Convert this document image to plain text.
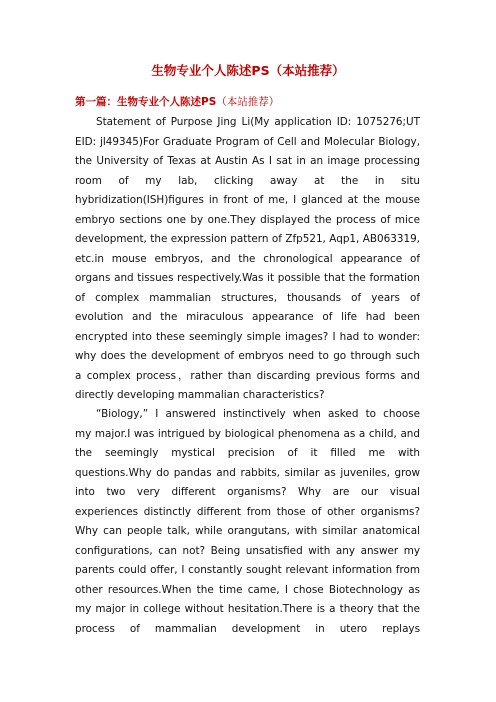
生物专业个人陈述PS（本站推荐）
第一篇：生物专业个人陈述PS（本站推荐）
Statement of Purpose Jing Li(My application ID: 1075276;UT
EID: jl49345)For Graduate Program of Cell and Molecular Biology,
the University of Texas at Austin As I sat in an image processing
room of my lab, clicking away at the in situ
hybridization(ISH)figures in front of me, I glanced at the mouse
embryo sections one by one.They displayed the process of mice
development, the expression pattern of Zfp521, Aqp1, AB063319,
etc.in mouse embryos, and the chronological appearance of
organs and tissues respectively.Was it possible that the formation
of complex mammalian structures, thousands of years of
evolution and the miraculous appearance of life had been
encrypted into these seemingly simple images? I had to wonder:
why does the development of embryos need to go through such
a complex process，rather than discarding previous forms and
directly developing mammalian characteristics?
“Biology,” I answered instinctively when asked to choose
my major.I was intrigued by biological phenomena as a child, and
the seemingly mystical precision of it filled me with
questions.Why do pandas and rabbits, similar as juveniles, grow
into two very different organisms? Why are our visual
experiences distinctly different from those of other organisms?
Why can people talk, while orangutans, with similar anatomical
configurations, can not? Being unsatisfied with any answer my
parents could offer, I constantly sought relevant information from
other resources.When the time came, I chose Biotechnology as
my major in college without hesitation.There is a theory that the
process of mammalian development in utero replays
